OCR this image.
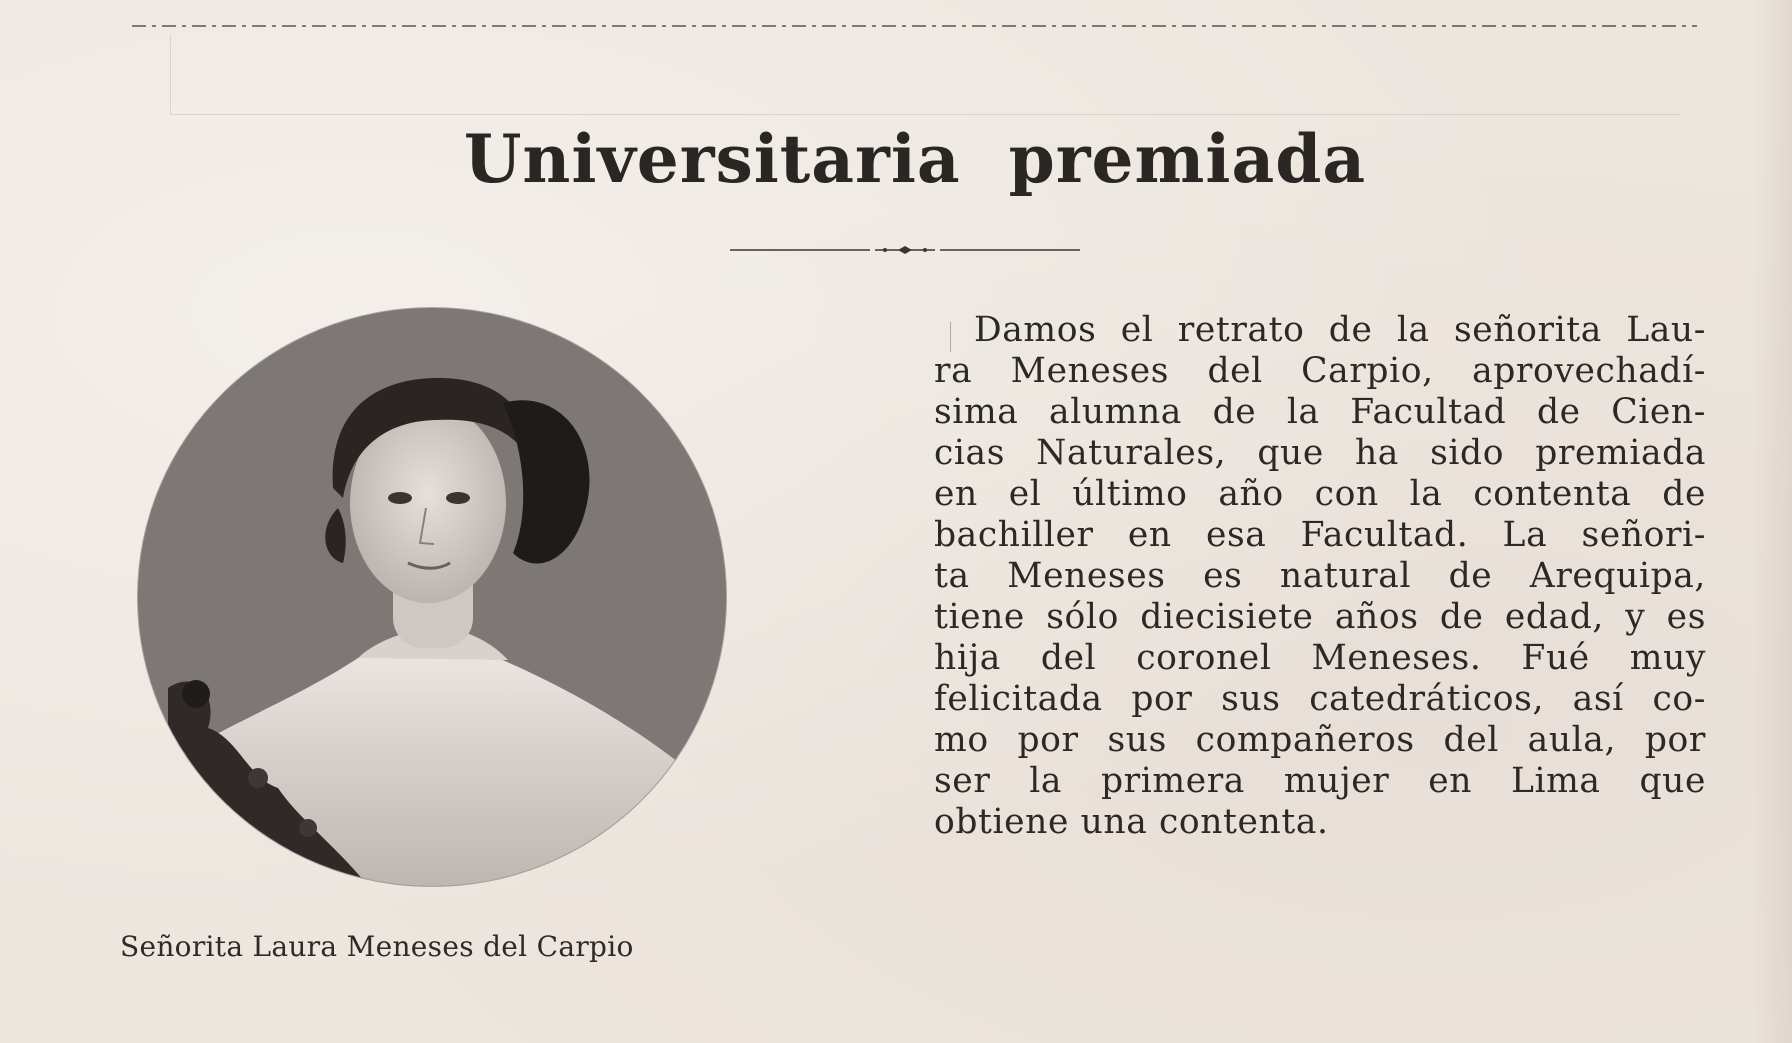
Universitaria premiada

Señorita Laura Meneses del Carpio

Damos el retrato de la señorita Lau-
ra Meneses del Carpio, aprovechadí-
sima alumna de la Facultad de Cien-
cias Naturales, que ha sido premiada
en el último año con la contenta de
bachiller en esa Facultad. La señori-
ta Meneses es natural de Arequipa,
tiene sólo diecisiete años de edad, y es
hija del coronel Meneses. Fué muy
felicitada por sus catedráticos, así co-
mo por sus compañeros del aula, por
ser la primera mujer en Lima que
obtiene una contenta.
